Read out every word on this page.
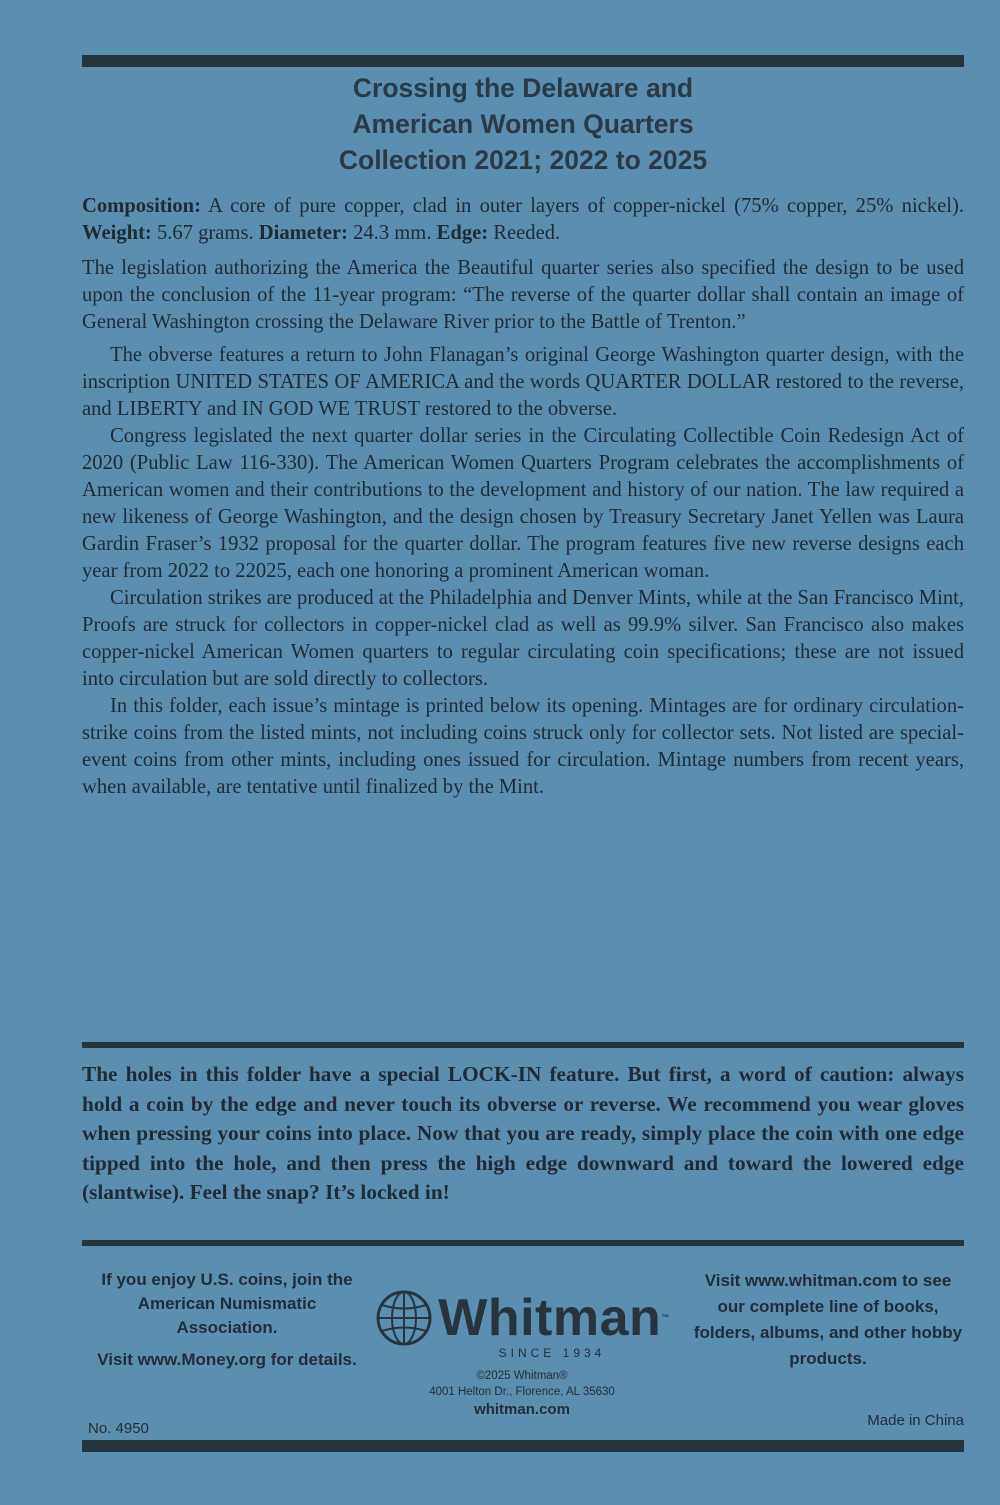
Crossing the Delaware and
American Women Quarters
Collection 2021; 2022 to 2025

Composition: A core of pure copper, clad in outer layers of copper-nickel (75% copper, 25% nickel). Weight: 5.67 grams. Diameter: 24.3 mm. Edge: Reeded.

The legislation authorizing the America the Beautiful quarter series also specified the design to be used upon the conclusion of the 11-year program: “The reverse of the quarter dollar shall contain an image of General Washington crossing the Delaware River prior to the Battle of Trenton.”

The obverse features a return to John Flanagan’s original George Washington quarter design, with the inscription UNITED STATES OF AMERICA and the words QUARTER DOLLAR restored to the reverse, and LIBERTY and IN GOD WE TRUST restored to the obverse.

Congress legislated the next quarter dollar series in the Circulating Collectible Coin Redesign Act of 2020 (Public Law 116-330). The American Women Quarters Program celebrates the accomplishments of American women and their contributions to the development and history of our nation. The law required a new likeness of George Washington, and the design chosen by Treasury Secretary Janet Yellen was Laura Gardin Fraser’s 1932 proposal for the quarter dollar. The program features five new reverse designs each year from 2022 to 22025, each one honoring a prominent American woman.

Circulation strikes are produced at the Philadelphia and Denver Mints, while at the San Francisco Mint, Proofs are struck for collectors in copper-nickel clad as well as 99.9% silver. San Francisco also makes copper-nickel American Women quarters to regular circulating coin specifications; these are not issued into circulation but are sold directly to collectors.

In this folder, each issue’s mintage is printed below its opening. Mintages are for ordinary circulation-strike coins from the listed mints, not including coins struck only for collector sets. Not listed are special-event coins from other mints, including ones issued for circulation. Mintage numbers from recent years, when available, are tentative until finalized by the Mint.

The holes in this folder have a special LOCK-IN feature. But first, a word of caution: always hold a coin by the edge and never touch its obverse or reverse. We recommend you wear gloves when pressing your coins into place. Now that you are ready, simply place the coin with one edge tipped into the hole, and then press the high edge downward and toward the lowered edge (slantwise). Feel the snap? It’s locked in!

If you enjoy U.S. coins, join the American Numismatic Association.

Visit www.Money.org for details.

Whitman™
SINCE 1934
©2025 Whitman®
4001 Helton Dr., Florence, AL 35630
whitman.com
Visit www.whitman.com to see our complete line of books, folders, albums, and other hobby products.
No. 4950	Made in China
